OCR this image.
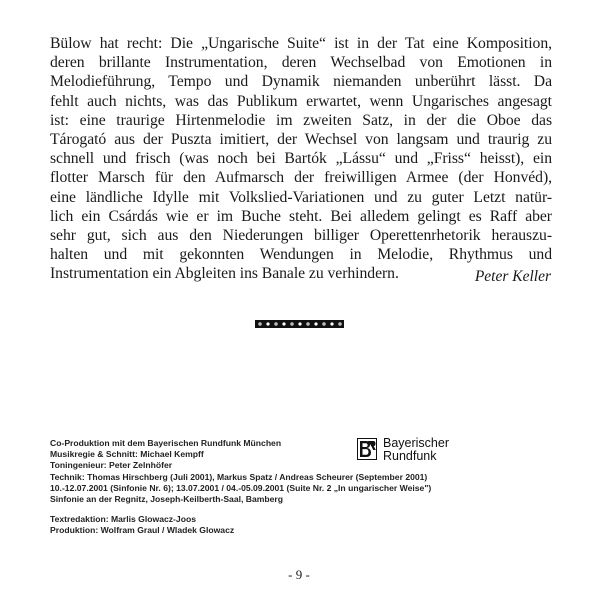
Bülow hat recht: Die „Ungarische Suite“ ist in der Tat eine Komposition,
deren brillante Instrumentation, deren Wechselbad von Emotionen in
Melodieführung, Tempo und Dynamik niemanden unberührt lässt. Da
fehlt auch nichts, was das Publikum erwartet, wenn Ungarisches angesagt
ist: eine traurige Hirtenmelodie im zweiten Satz, in der die Oboe das
Tárogató aus der Puszta imitiert, der Wechsel von langsam und traurig zu
schnell und frisch (was noch bei Bartók „Lássu“ und „Friss“ heisst), ein
flotter Marsch für den Aufmarsch der freiwilligen Armee (der Honvéd),
eine ländliche Idylle mit Volkslied-Variationen und zu guter Letzt natür-
lich ein Csárdás wie er im Buche steht. Bei alledem gelingt es Raff aber
sehr gut, sich aus den Niederungen billiger Operettenrhetorik herauszu-
halten und mit gekonnten Wendungen in Melodie, Rhythmus und
Instrumentation ein Abgleiten ins Banale zu verhindern.	Peter Keller

Co-Produktion mit dem Bayerischen Rundfunk München
Musikregie & Schnitt: Michael Kempff
Toningenieur: Peter Zelnhöfer
Technik: Thomas Hirschberg (Juli 2001), Markus Spatz / Andreas Scheurer (September 2001)
10.-12.07.2001 (Sinfonie Nr. 6); 13.07.2001 / 04.-05.09.2001 (Suite Nr. 2 „In ungarischer Weise")
Sinfonie an der Regnitz, Joseph-Keilberth-Saal, Bamberg
Textredaktion: Marlis Glowacz-Joos
Produktion: Wolfram Graul / Wladek Glowacz
Bayerischer
Rundfunk
- 9 -
